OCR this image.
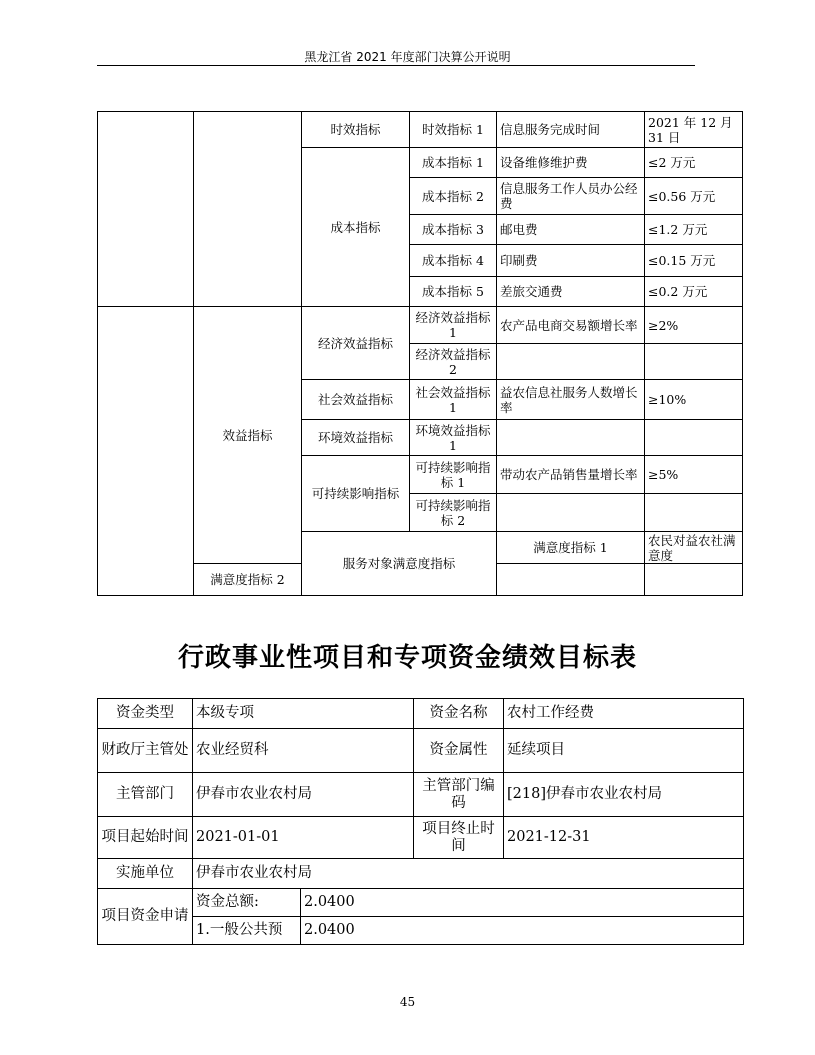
黑龙江省 2021 年度部门决算公开说明
		时效指标	时效指标 1	信息服务完成时间	2021 年 12 月 31 日	
		成本指标	成本指标 1	设备维修维护费	≤2 万元	
			成本指标 2	信息服务工作人员办公经费	≤0.56 万元	
			成本指标 3	邮电费	≤1.2 万元	
			成本指标 4	印刷费	≤0.15 万元	
			成本指标 5	差旅交通费	≤0.2 万元	
	效益指标	经济效益指标	经济效益指标 1	农产品电商交易额增长率	≥2%	
			经济效益指标 2			
		社会效益指标	社会效益指标 1	益农信息社服务人数增长率	≥10%	
		环境效益指标	环境效益指标 1			
		可持续影响指标	可持续影响指标 1	带动农产品销售量增长率	≥5%	
			可持续影响指标 2			
		服务对象满意度指标		满意度指标 1	农民对益农社满意度	
	满意度指标 2					
行政事业性项目和专项资金绩效目标表
资金类型	本级专项		资金名称	农村工作经费
财政厅主管处	农业经贸科		资金属性	延续项目
主管部门	伊春市农业农村局		主管部门编码	[218]伊春市农业农村局
项目起始时间	2021-01-01		项目终止时间	2021-12-31
实施单位	伊春市农业农村局			
项目资金申请	资金总额:	2.0400		
	1.一般公共预	2.0400		
45
